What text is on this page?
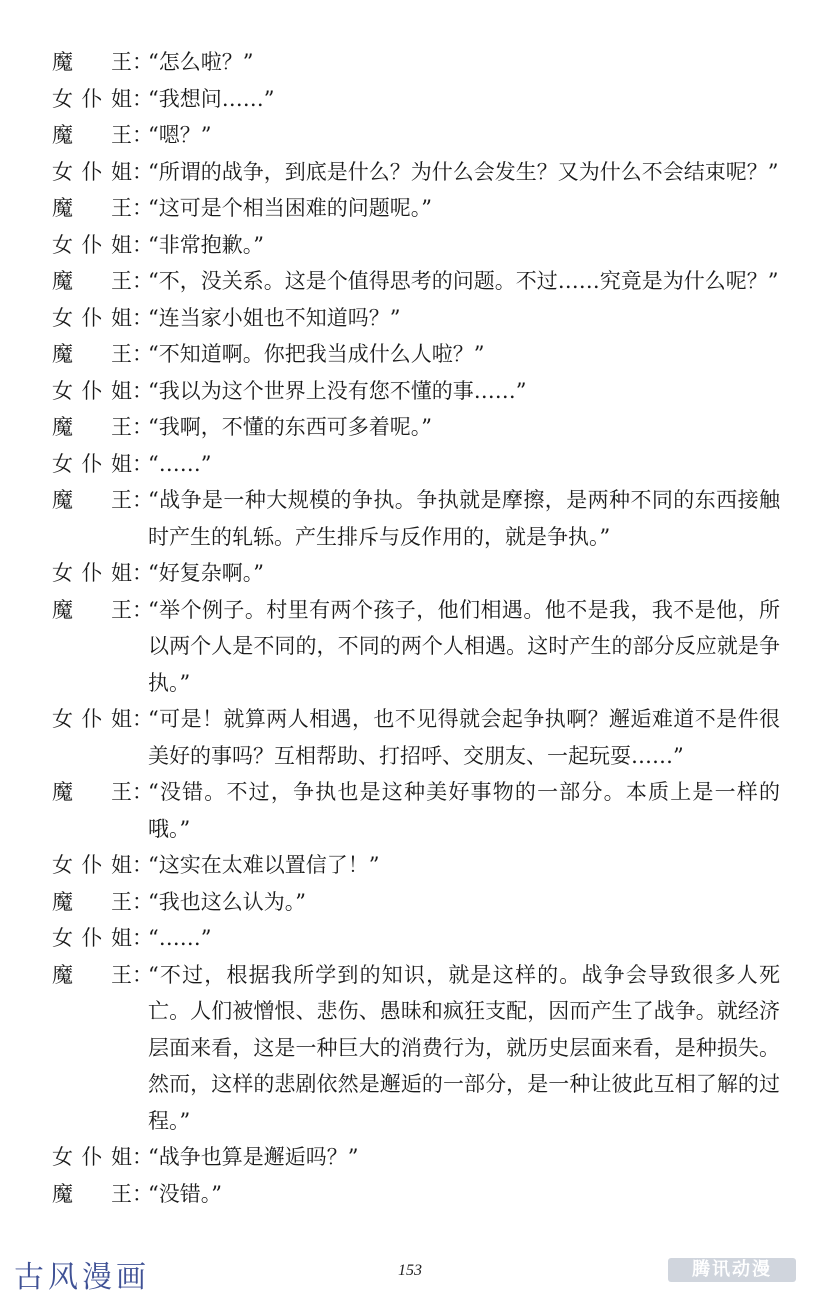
魔 王 ：
“怎么啦？”
女 仆 姐 ：
“我想问……”
魔 王 ：
“嗯？”
女 仆 姐 ：
“所谓的战争，到底是什么？为什么会发生？又为什么不会结束呢？”
魔 王 ：
“这可是个相当困难的问题呢。”
女 仆 姐 ：
“非常抱歉。”
魔 王 ：
“不，没关系。这是个值得思考的问题。不过……究竟是为什么呢？”
女 仆 姐 ：
“连当家小姐也不知道吗？”
魔 王 ：
“不知道啊。你把我当成什么人啦？”
女 仆 姐 ：
“我以为这个世界上没有您不懂的事……”
魔 王 ：
“我啊，不懂的东西可多着呢。”
女 仆 姐 ：
“……”
魔 王 ：
“战争是一种大规模的争执。争执就是摩擦，是两种不同的东西接触时产生的轧轹。产生排斥与反作用的，就是争执。”
女 仆 姐 ：
“好复杂啊。”
魔 王 ：
“举个例子。村里有两个孩子，他们相遇。他不是我，我不是他，所以两个人是不同的，不同的两个人相遇。这时产生的部分反应就是争执。”
女 仆 姐 ：
“可是！就算两人相遇，也不见得就会起争执啊？邂逅难道不是件很美好的事吗？互相帮助、打招呼、交朋友、一起玩耍……”
魔 王 ：
“没错。不过，争执也是这种美好事物的一部分。本质上是一样的哦。”
女 仆 姐 ：
“这实在太难以置信了！”
魔 王 ：
“我也这么认为。”
女 仆 姐 ：
“……”
魔 王 ：
“不过，根据我所学到的知识，就是这样的。战争会导致很多人死亡。人们被憎恨、悲伤、愚昧和疯狂支配，因而产生了战争。就经济层面来看，这是一种巨大的消费行为，就历史层面来看，是种损失。然而，这样的悲剧依然是邂逅的一部分，是一种让彼此互相了解的过程。”
女 仆 姐 ：
“战争也算是邂逅吗？”
魔 王 ：
“没错。”
古风漫画	153	腾讯动漫
